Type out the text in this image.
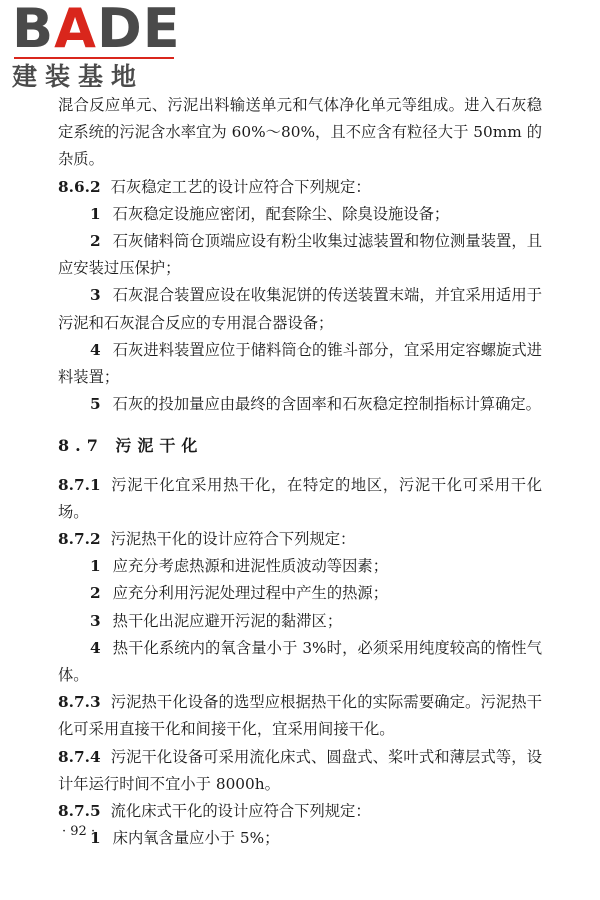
BADE
建装基地

混合反应单元、污泥出料输送单元和气体净化单元等组成。进入石灰稳定系统的污泥含水率宜为 60%～80%，且不应含有粒径大于 50mm 的杂质。

8.6.2 石灰稳定工艺的设计应符合下列规定：

1 石灰稳定设施应密闭，配套除尘、除臭设施设备；

2 石灰储料筒仓顶端应设有粉尘收集过滤装置和物位测量装置，且应安装过压保护；

3 石灰混合装置应设在收集泥饼的传送装置末端，并宜采用适用于污泥和石灰混合反应的专用混合器设备；

4 石灰进料装置应位于储料筒仓的锥斗部分，宜采用定容螺旋式进料装置；

5 石灰的投加量应由最终的含固率和石灰稳定控制指标计算确定。

8.7 污泥干化

8.7.1 污泥干化宜采用热干化，在特定的地区，污泥干化可采用干化场。

8.7.2 污泥热干化的设计应符合下列规定：

1 应充分考虑热源和进泥性质波动等因素；

2 应充分利用污泥处理过程中产生的热源；

3 热干化出泥应避开污泥的黏滞区；

4 热干化系统内的氧含量小于 3%时，必须采用纯度较高的惰性气体。

8.7.3 污泥热干化设备的选型应根据热干化的实际需要确定。污泥热干化可采用直接干化和间接干化，宜采用间接干化。

8.7.4 污泥干化设备可采用流化床式、圆盘式、桨叶式和薄层式等，设计年运行时间不宜小于 8000h。

8.7.5 流化床式干化的设计应符合下列规定：

1 床内氧含量应小于 5%；

· 92 ·
